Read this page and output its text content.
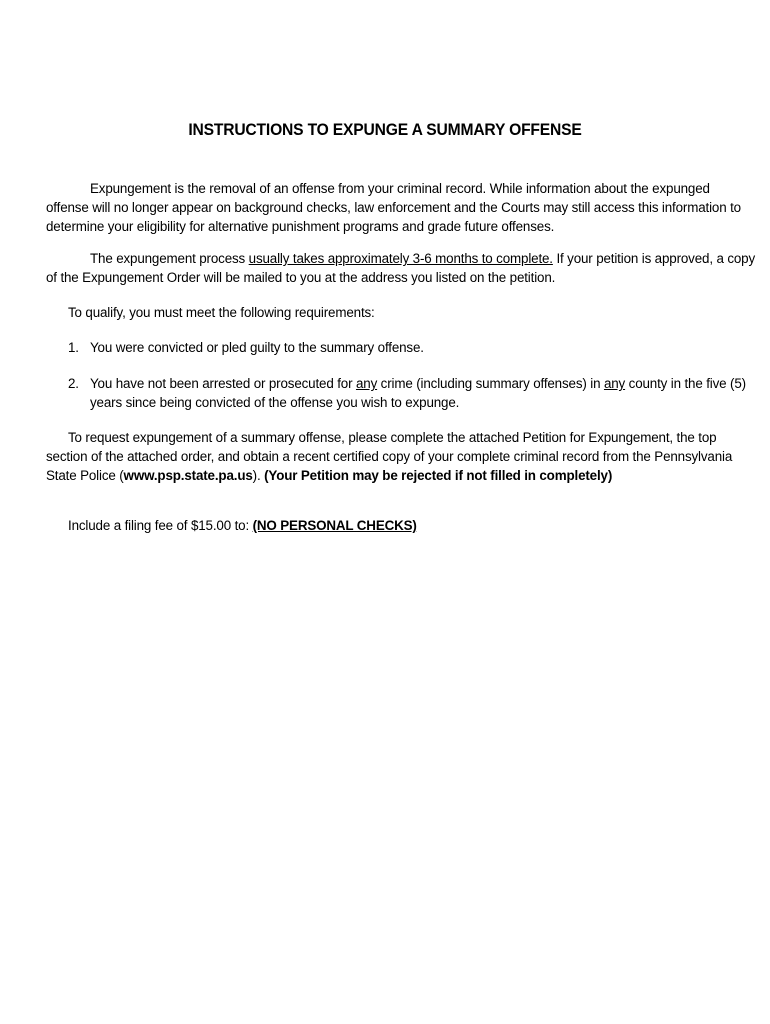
INSTRUCTIONS TO EXPUNGE A SUMMARY OFFENSE
Expungement is the removal of an offense from your criminal record. While information about the expunged
offense will no longer appear on background checks, law enforcement and the Courts may still access this information to
determine your eligibility for alternative punishment programs and grade future offenses.
The expungement process usually takes approximately 3-6 months to complete. If your petition is approved, a copy
of the Expungement Order will be mailed to you at the address you listed on the petition.
To qualify, you must meet the following requirements:
1. You were convicted or pled guilty to the summary offense.
2. You have not been arrested or prosecuted for any crime (including summary offenses) in any county in the five (5)
years since being convicted of the offense you wish to expunge.
To request expungement of a summary offense, please complete the attached Petition for Expungement, the top
section of the attached order, and obtain a recent certified copy of your complete criminal record from the Pennsylvania
State Police (www.psp.state.pa.us). (Your Petition may be rejected if not filled in completely)
Include a filing fee of $15.00 to: (NO PERSONAL CHECKS)
